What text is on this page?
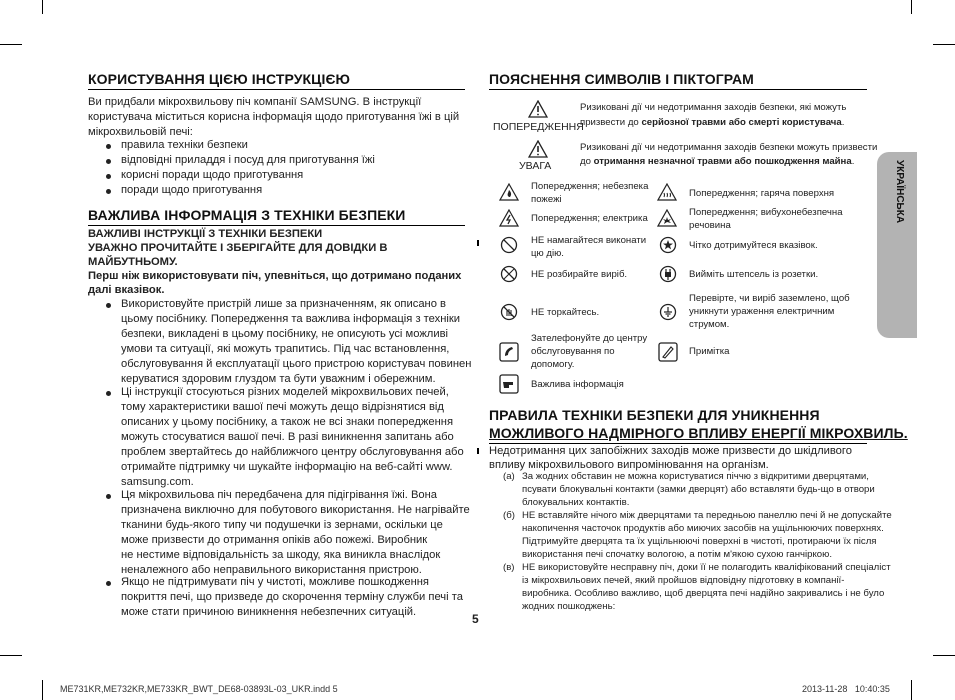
КОРИСТУВАННЯ ЦІЄЮ ІНСТРУКЦІЄЮ
Ви придбали мікрохвильову піч компанії SAMSUNG. В інструкції
користувача міститься корисна інформація щодо приготування їжі в цій
мікрохвильовій печі:
правила техніки безпеки
відповідні приладдя і посуд для приготування їжі
корисні поради щодо приготування
поради щодо приготування
ВАЖЛИВА ІНФОРМАЦІЯ З ТЕХНІКИ БЕЗПЕКИ
ВАЖЛИВІ ІНСТРУКЦІЇ З ТЕХНІКИ БЕЗПЕКИ
УВАЖНО ПРОЧИТАЙТЕ І ЗБЕРІГАЙТЕ ДЛЯ ДОВІДКИ В
МАЙБУТНЬОМУ.
Перш ніж використовувати піч, упевніться, що дотримано поданих
далі вказівок.
Використовуйте пристрій лише за призначенням, як описано в
цьому посібнику. Попередження та важлива інформація з техніки
безпеки, викладені в цьому посібнику, не описують усі можливі
умови та ситуації, які можуть трапитись. Під час встановлення,
обслуговування й експлуатації цього пристрою користувач повинен
керуватися здоровим глуздом та бути уважним і обережним.
Ці інструкції стосуються різних моделей мікрохвильових печей,
тому характеристики вашої печі можуть дещо відрізнятися від
описаних у цьому посібнику, а також не всі знаки попередження
можуть стосуватися вашої печі. В разі виникнення запитань або
проблем звертайтесь до найближчого центру обслуговування або
отримайте підтримку чи шукайте інформацію на веб-сайті www.
samsung.com.
Ця мікрохвильова піч передбачена для підігрівання їжі. Вона
призначена виключно для побутового використання. Не нагрівайте
тканини будь-якого типу чи подушечки із зернами, оскільки це
може призвести до отримання опіків або пожежі. Виробник
не нестиме відповідальність за шкоду, яка виникла внаслідок
неналежного або неправильного використання пристрою.
Якщо не підтримувати піч у чистоті, можливе пошкодження
покриття печі, що призведе до скорочення терміну служби печі та
може стати причиною виникнення небезпечних ситуацій.
ПОЯСНЕННЯ СИМВОЛІВ І ПІКТОГРАМ
ПОПЕРЕДЖЕННЯ
Ризиковані дії чи недотримання заходів безпеки, які можуть
призвести до серйозної травми або смерті користувача.
УВАГА
Ризиковані дії чи недотримання заходів безпеки можуть призвести
до отримання незначної травми або пошкодження майна.
Попередження; небезпека
пожежі
Попередження; гаряча поверхня
Попередження; електрика
Попередження; вибухонебезпечна
речовина
НЕ намагайтеся виконати
цю дію.
Чітко дотримуйтеся вказівок.
НЕ розбирайте виріб.	Вийміть штепсель із розетки.
НЕ торкайтесь.
Перевірте, чи виріб заземлено, щоб
уникнути ураження електричним
струмом.
Зателефонуйте до центру
обслуговування по
допомогу.
Примітка
Важлива інформація
ПРАВИЛА ТЕХНІКИ БЕЗПЕКИ ДЛЯ УНИКНЕННЯ
МОЖЛИВОГО НАДМІРНОГО ВПЛИВУ ЕНЕРГІЇ МІКРОХВИЛЬ.
Недотримання цих запобіжних заходів може призвести до шкідливого
впливу мікрохвильового випромінювання на організм.
(а) За жодних обставин не можна користуватися піччю з відкритими дверцятами,
псувати блокувальні контакти (замки дверцят) або вставляти будь-що в отвори
блокувальних контактів.
(б) НЕ вставляйте нічого між дверцятами та передньою панеллю печі й не допускайте
накопичення часточок продуктів або миючих засобів на ущільнюючих поверхнях.
Підтримуйте дверцята та їх ущільнюючі поверхні в чистоті, протираючи їх після
використання печі спочатку вологою, а потім м'якою сухою ганчіркою.
(в) НЕ використовуйте несправну піч, доки її не полагодить кваліфікований спеціаліст
із мікрохвильових печей, який пройшов відповідну підготовку в компанії-
виробника. Особливо важливо, щоб дверцята печі надійно закривались і не було
жодних пошкоджень:
УКРАЇНСЬКА
5
ME731KR,ME732KR,ME733KR_BWT_DE68-03893L-03_UKR.indd 5	2013-11-28   10:40:35
